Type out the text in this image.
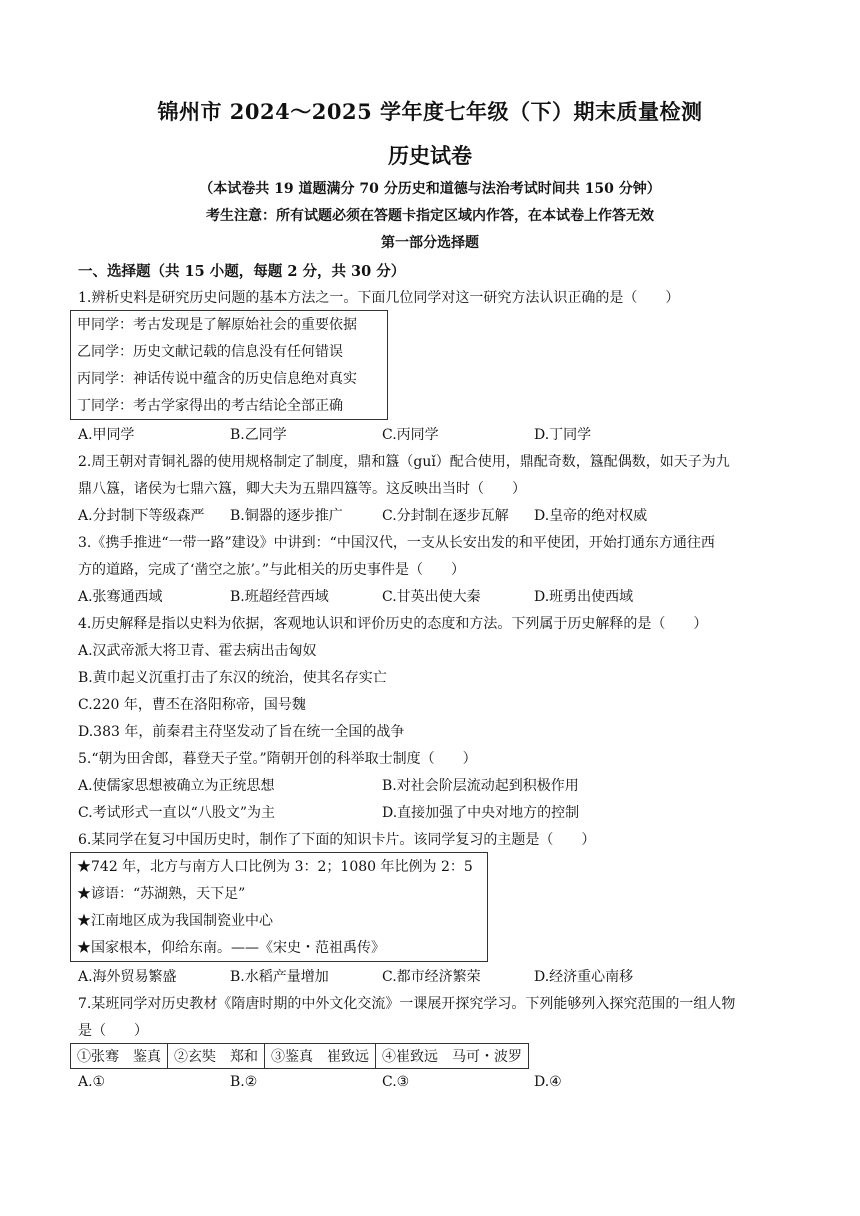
锦州市 2024～2025 学年度七年级（下）期末质量检测
历史试卷
（本试卷共 19 道题满分 70 分历史和道德与法治考试时间共 150 分钟）
考生注意：所有试题必须在答题卡指定区域内作答，在本试卷上作答无效
第一部分选择题
一、选择题（共 15 小题，每题 2 分，共 30 分）
1.辨析史料是研究历史问题的基本方法之一。下面几位同学对这一研究方法认识正确的是（　　）
甲同学：考古发现是了解原始社会的重要依据
乙同学：历史文献记载的信息没有任何错误
丙同学：神话传说中蕴含的历史信息绝对真实
丁同学：考古学家得出的考古结论全部正确
A.甲同学	B.乙同学	C.丙同学	D.丁同学
2.周王朝对青铜礼器的使用规格制定了制度，鼎和簋（guǐ）配合使用，鼎配奇数，簋配偶数，如天子为九
鼎八簋，诸侯为七鼎六簋，卿大夫为五鼎四簋等。这反映出当时（　　）
A.分封制下等级森严 B.铜器的逐步推广	C.分封制在逐步瓦解 D.皇帝的绝对权威
3.《携手推进“一带一路”建设》中讲到：“中国汉代，一支从长安出发的和平使团，开始打通东方通往西
方的道路，完成了‘凿空之旅’。”与此相关的历史事件是（　　）
A.张骞通西域	B.班超经营西域	C.甘英出使大秦	D.班勇出使西域
4.历史解释是指以史料为依据，客观地认识和评价历史的态度和方法。下列属于历史解释的是（　　）
A.汉武帝派大将卫青、霍去病出击匈奴
B.黄巾起义沉重打击了东汉的统治，使其名存实亡
C.220 年，曹丕在洛阳称帝，国号魏
D.383 年，前秦君主苻坚发动了旨在统一全国的战争
5.“朝为田舍郎，暮登天子堂。”隋朝开创的科举取士制度（　　）
A.使儒家思想被确立为正统思想	B.对社会阶层流动起到积极作用
C.考试形式一直以“八股文”为主	D.直接加强了中央对地方的控制
6.某同学在复习中国历史时，制作了下面的知识卡片。该同学复习的主题是（　　）
★742 年，北方与南方人口比例为 3：2；1080 年比例为 2：5
★谚语：“苏湖熟，天下足”
★江南地区成为我国制瓷业中心
★国家根本，仰给东南。——《宋史・范祖禹传》
A.海外贸易繁盛	B.水稻产量增加	C.都市经济繁荣	D.经济重心南移
7.某班同学对历史教材《隋唐时期的中外文化交流》一课展开探究学习。下列能够列入探究范围的一组人物
是（　　）
①张骞　鉴真	②玄奘　郑和	③鉴真　崔致远	④崔致远　马可・波罗
A.①	B.②	C.③	D.④
